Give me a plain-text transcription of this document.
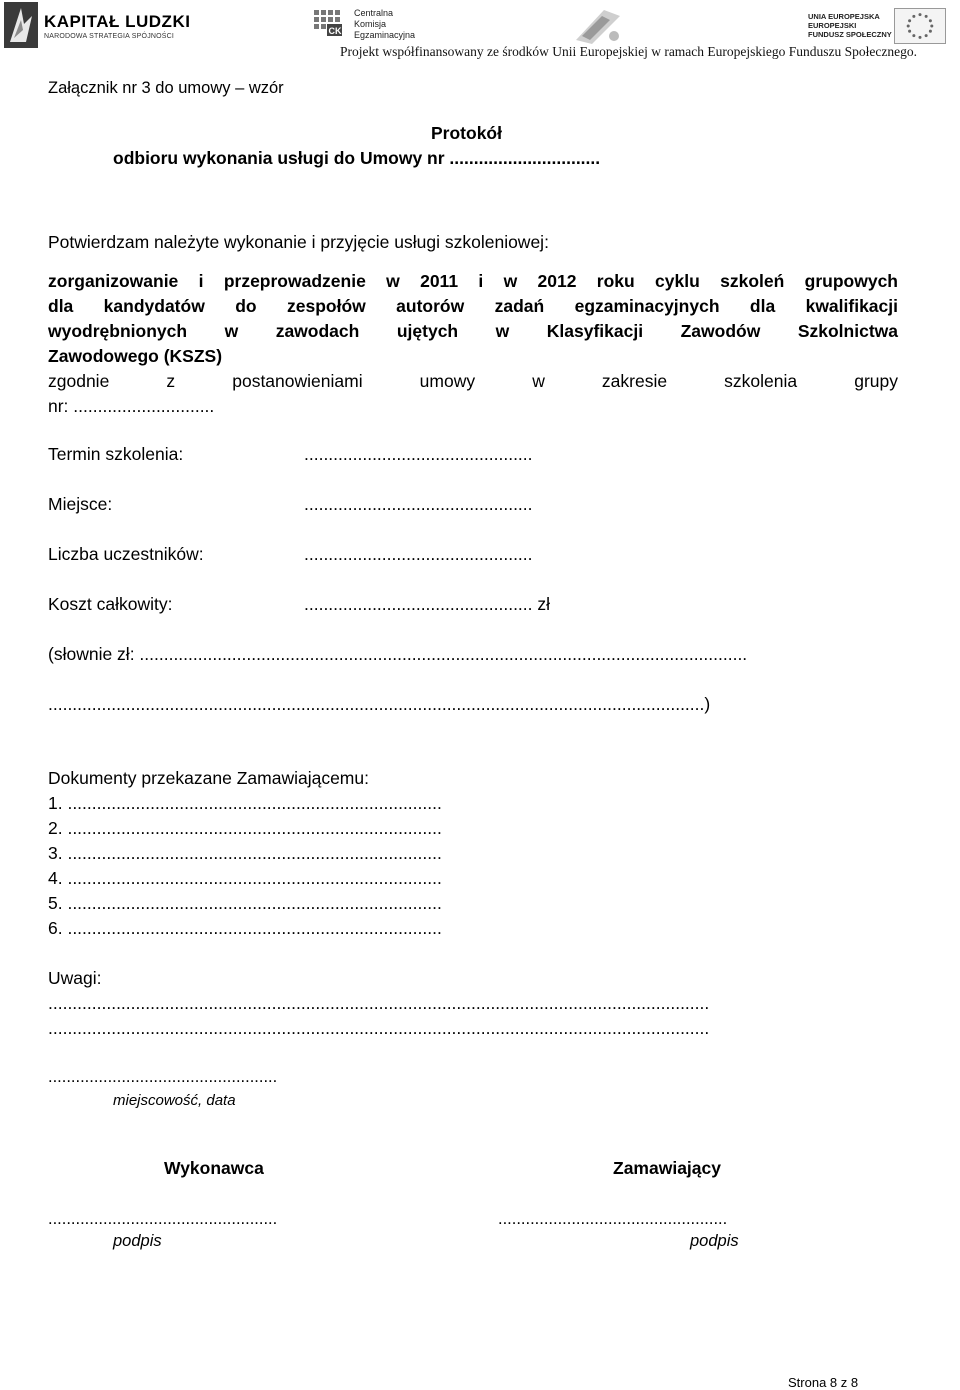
KAPITAŁ LUDZKI
NARODOWA STRATEGIA SPÓJNOŚCI
CK
Centralna
Komisja
Egzaminacyjna
UNIA EUROPEJSKA
EUROPEJSKI
FUNDUSZ SPOŁECZNY
Projekt współfinansowany ze środków Unii Europejskiej w ramach Europejskiego Funduszu Społecznego.
Załącznik nr 3 do umowy – wzór
Protokół
odbioru wykonania usługi do Umowy nr ...............................
Potwierdzam należyte wykonanie i przyjęcie usługi szkoleniowej:
zorganizowanie i przeprowadzenie w 2011 i w 2012 roku cyklu szkoleń grupowych
dla kandydatów do zespołów autorów zadań egzaminacyjnych dla kwalifikacji
wyodrębnionych w zawodach ujętych w Klasyfikacji Zawodów Szkolnictwa
Zawodowego (KSZS)
zgodnie z postanowieniami umowy w zakresie szkolenia grupy
nr: .............................
Termin szkolenia:	...............................................
Miejsce:	...............................................
Liczba uczestników:	...............................................
Koszt całkowity:	............................................... zł
(słownie zł: .............................................................................................................................
.......................................................................................................................................)
Dokumenty przekazane Zamawiającemu:
1. .............................................................................
2. .............................................................................
3. .............................................................................
4. .............................................................................
5. .............................................................................
6. .............................................................................
Uwagi:
........................................................................................................................................
........................................................................................................................................
..................................................
miejscowość, data
Wykonawca	Zamawiający
..................................................	..................................................
podpis	podpis
Strona 8 z 8
